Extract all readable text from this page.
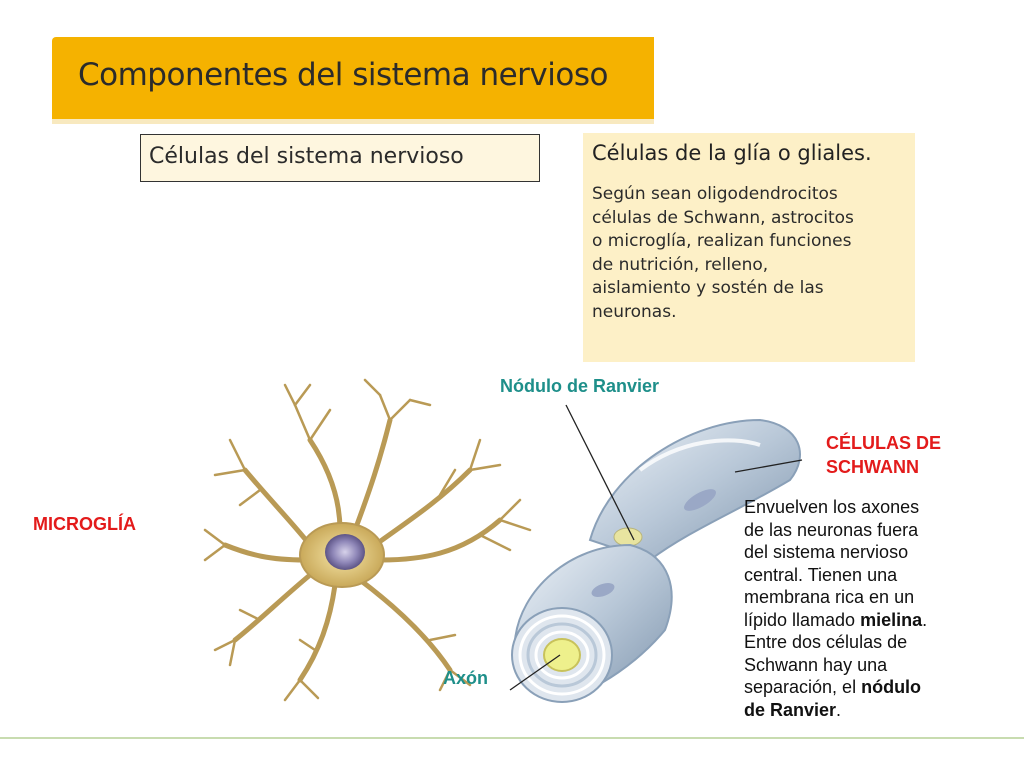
Componentes del sistema nervioso
Células del sistema nervioso	Células de la glía o gliales.
Según sean oligodendrocitos
células de Schwann, astrocitos
o microglía, realizan funciones
de nutrición, relleno,
aislamiento y sostén de las
neuronas.
Nódulo de Ranvier
Axón
MICROGLÍA
CÉLULAS DE
SCHWANN
Envuelven los axones
de las neuronas fuera
del sistema nervioso
central. Tienen una
membrana rica en un
lípido llamado mielina.
Entre dos células de
Schwann hay una
separación, el nódulo
de Ranvier.
